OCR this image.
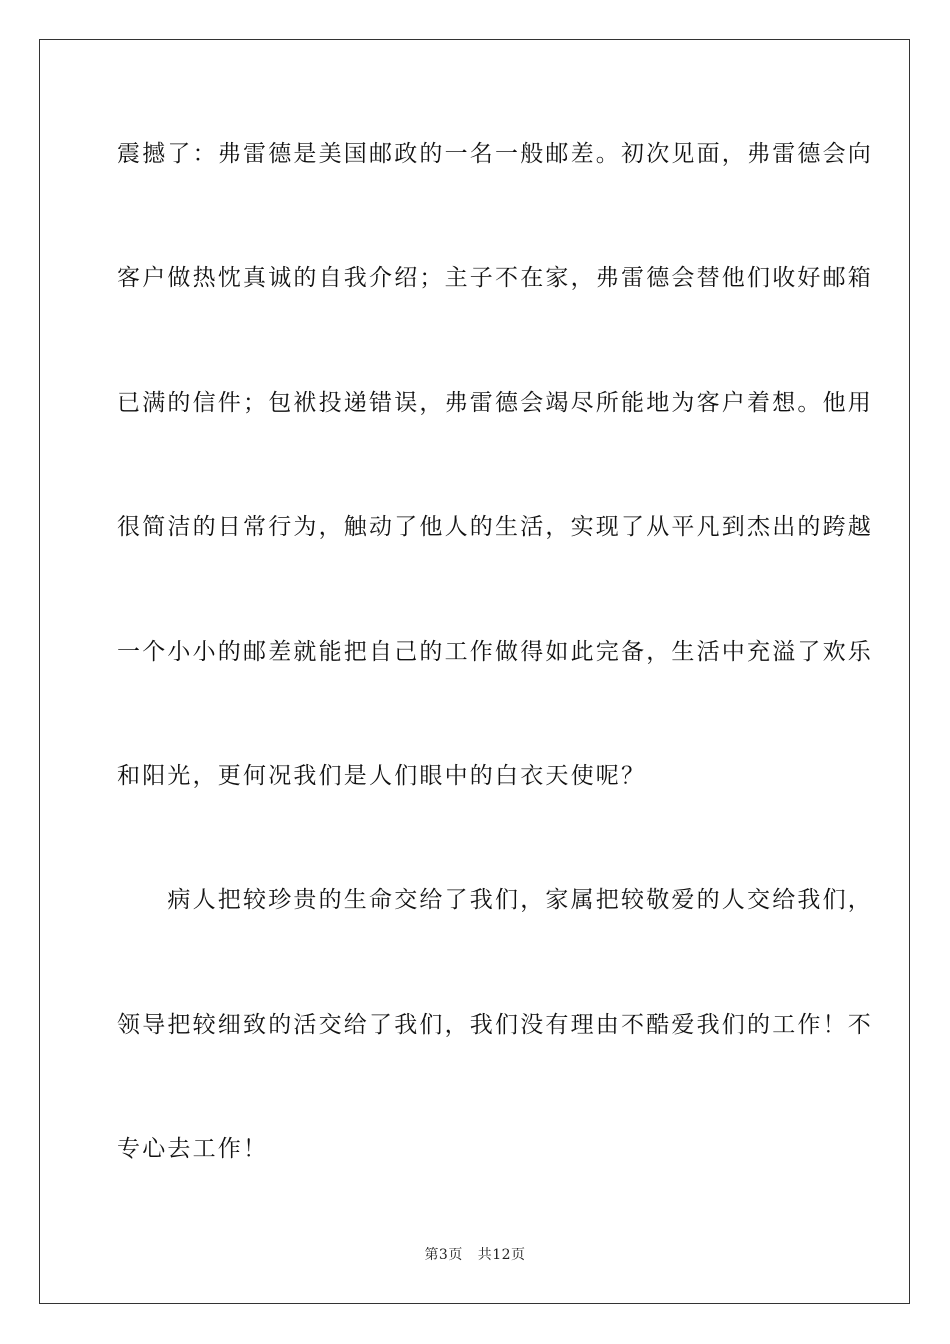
震撼了：弗雷德是美国邮政的一名一般邮差。初次见面，弗雷德会向
客户做热忱真诚的自我介绍；主子不在家，弗雷德会替他们收好邮箱
已满的信件；包袱投递错误，弗雷德会竭尽所能地为客户着想。他用
很简洁的日常行为，触动了他人的生活，实现了从平凡到杰出的跨越
一个小小的邮差就能把自己的工作做得如此完备，生活中充溢了欢乐
和阳光，更何况我们是人们眼中的白衣天使呢？
　　病人把较珍贵的生命交给了我们，家属把较敬爱的人交给我们，
领导把较细致的活交给了我们，我们没有理由不酷爱我们的工作！不
专心去工作！
第3页 共12页
